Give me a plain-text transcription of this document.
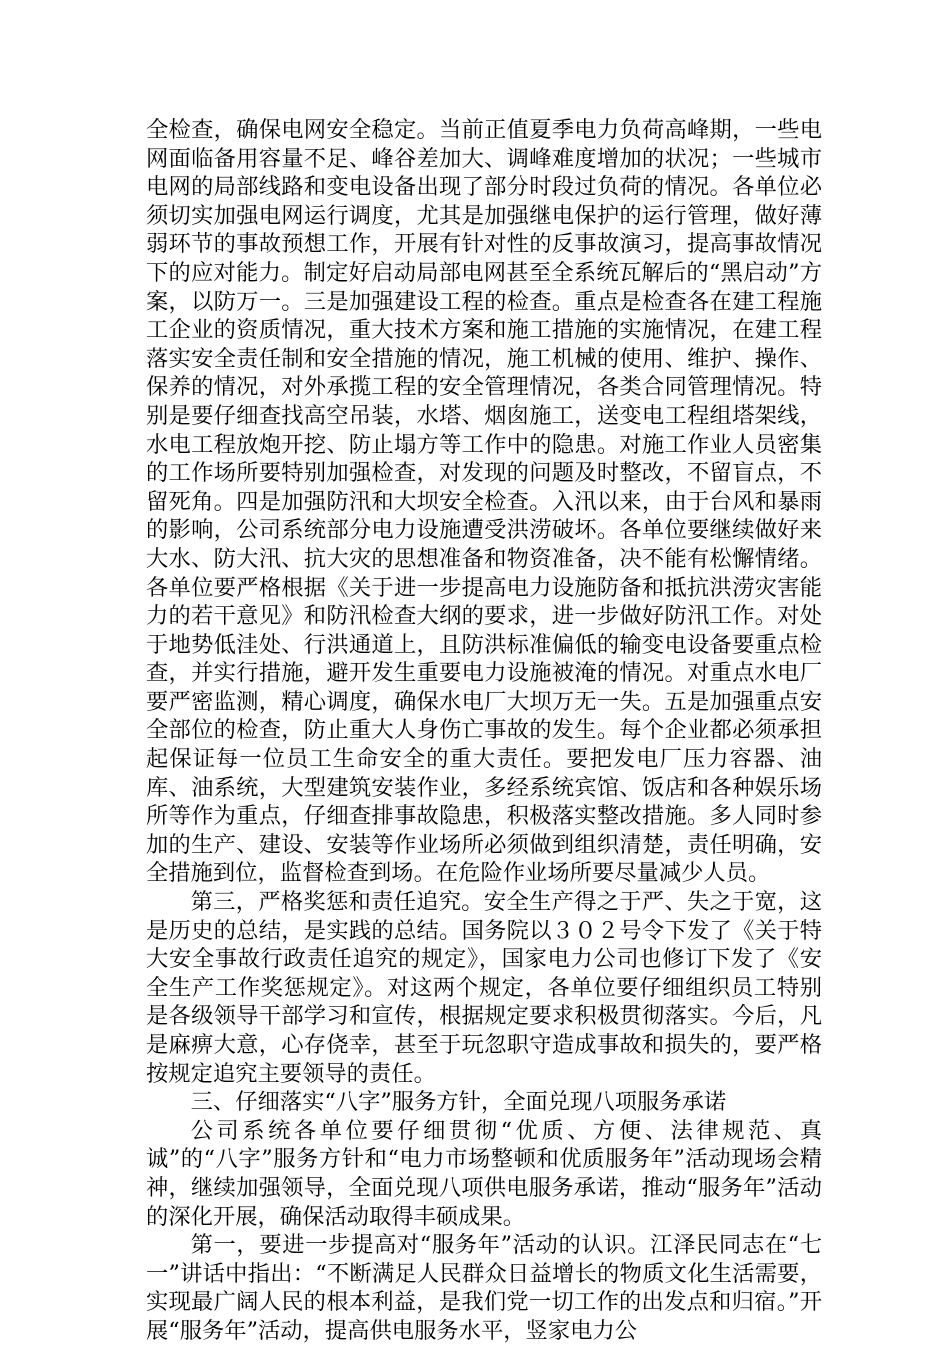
全检查，确保电网安全稳定。当前正值夏季电力负荷高峰期，一些电网面临备用容量不足、峰谷差加大、调峰难度增加的状况；一些城市电网的局部线路和变电设备出现了部分时段过负荷的情况。各单位必须切实加强电网运行调度，尤其是加强继电保护的运行管理，做好薄弱环节的事故预想工作，开展有针对性的反事故演习，提高事故情况下的应对能力。制定好启动局部电网甚至全系统瓦解后的“黑启动”方案，以防万一。三是加强建设工程的检查。重点是检查各在建工程施工企业的资质情况，重大技术方案和施工措施的实施情况，在建工程落实安全责任制和安全措施的情况，施工机械的使用、维护、操作、保养的情况，对外承揽工程的安全管理情况，各类合同管理情况。特别是要仔细查找高空吊装，水塔、烟囱施工，送变电工程组塔架线，水电工程放炮开挖、防止塌方等工作中的隐患。对施工作业人员密集的工作场所要特别加强检查，对发现的问题及时整改，不留盲点，不留死角。四是加强防汛和大坝安全检查。入汛以来，由于台风和暴雨的影响，公司系统部分电力设施遭受洪涝破坏。各单位要继续做好来大水、防大汛、抗大灾的思想准备和物资准备，决不能有松懈情绪。各单位要严格根据《关于进一步提高电力设施防备和抵抗洪涝灾害能力的若干意见》和防汛检查大纲的要求，进一步做好防汛工作。对处于地势低洼处、行洪通道上，且防洪标准偏低的输变电设备要重点检查，并实行措施，避开发生重要电力设施被淹的情况。对重点水电厂要严密监测，精心调度，确保水电厂大坝万无一失。五是加强重点安全部位的检查，防止重大人身伤亡事故的发生。每个企业都必须承担起保证每一位员工生命安全的重大责任。要把发电厂压力容器、油库、油系统，大型建筑安装作业，多经系统宾馆、饭店和各种娱乐场所等作为重点，仔细查排事故隐患，积极落实整改措施。多人同时参加的生产、建设、安装等作业场所必须做到组织清楚，责任明确，安全措施到位，监督检查到场。在危险作业场所要尽量减少人员。

第三，严格奖惩和责任追究。安全生产得之于严、失之于宽，这是历史的总结，是实践的总结。国务院以３０２号令下发了《关于特大安全事故行政责任追究的规定》，国家电力公司也修订下发了《安全生产工作奖惩规定》。对这两个规定，各单位要仔细组织员工特别是各级领导干部学习和宣传，根据规定要求积极贯彻落实。今后，凡是麻痹大意，心存侥幸，甚至于玩忽职守造成事故和损失的，要严格按规定追究主要领导的责任。

三、仔细落实“八字”服务方针，全面兑现八项服务承诺

公司系统各单位要仔细贯彻“优质、方便、法律规范、真诚”的“八字”服务方针和“电力市场整顿和优质服务年”活动现场会精神，继续加强领导，全面兑现八项供电服务承诺，推动“服务年”活动的深化开展，确保活动取得丰硕成果。

第一，要进一步提高对“服务年”活动的认识。江泽民同志在“七一”讲话中指出：“不断满足人民群众日益增长的物质文化生活需要，实现最广阔人民的根本利益，是我们党一切工作的出发点和归宿。”开展“服务年”活动，提高供电服务水平，竖家电力公
